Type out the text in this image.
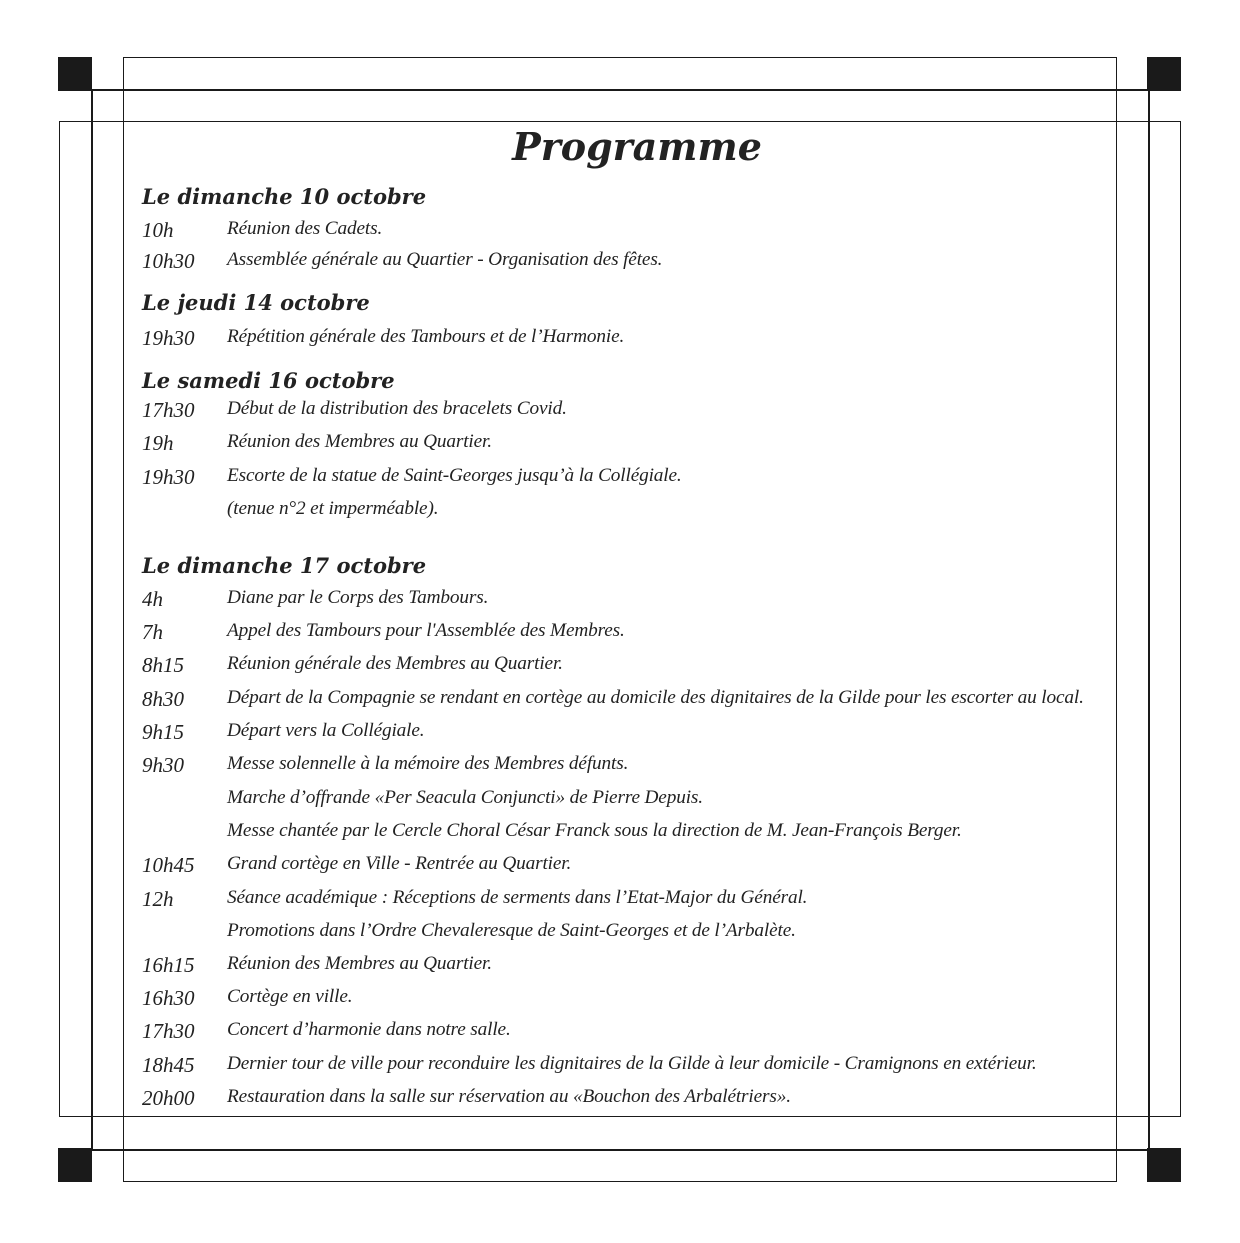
Programme
Le dimanche 10 octobre
10h	Réunion des Cadets.
10h30 Assemblée générale au Quartier - Organisation des fêtes.
Le jeudi 14 octobre
19h30 Répétition générale des Tambours et de l’Harmonie.
Le samedi 16 octobre
17h30 Début de la distribution des bracelets Covid.
19h	Réunion des Membres au Quartier.
19h30 Escorte de la statue de Saint-Georges jusqu’à la Collégiale.
(tenue n°2 et imperméable).
Le dimanche 17 octobre
4h	Diane par le Corps des Tambours.
7h	Appel des Tambours pour l'Assemblée des Membres.
8h15 Réunion générale des Membres au Quartier.
8h30 Départ de la Compagnie se rendant en cortège au domicile des dignitaires de la Gilde pour les escorter au local.
9h15 Départ vers la Collégiale.
9h30 Messe solennelle à la mémoire des Membres défunts.
Marche d’offrande «Per Seacula Conjuncti» de Pierre Depuis.
Messe chantée par le Cercle Choral César Franck sous la direction de M. Jean-François Berger.
10h45 Grand cortège en Ville - Rentrée au Quartier.
12h	Séance académique : Réceptions de serments dans l’Etat-Major du Général.
Promotions dans l’Ordre Chevaleresque de Saint-Georges et de l’Arbalète.
16h15 Réunion des Membres au Quartier.
16h30 Cortège en ville.
17h30 Concert d’harmonie dans notre salle.
18h45 Dernier tour de ville pour reconduire les dignitaires de la Gilde à leur domicile - Cramignons en extérieur.
20h00 Restauration dans la salle sur réservation au «Bouchon des Arbalétriers».
